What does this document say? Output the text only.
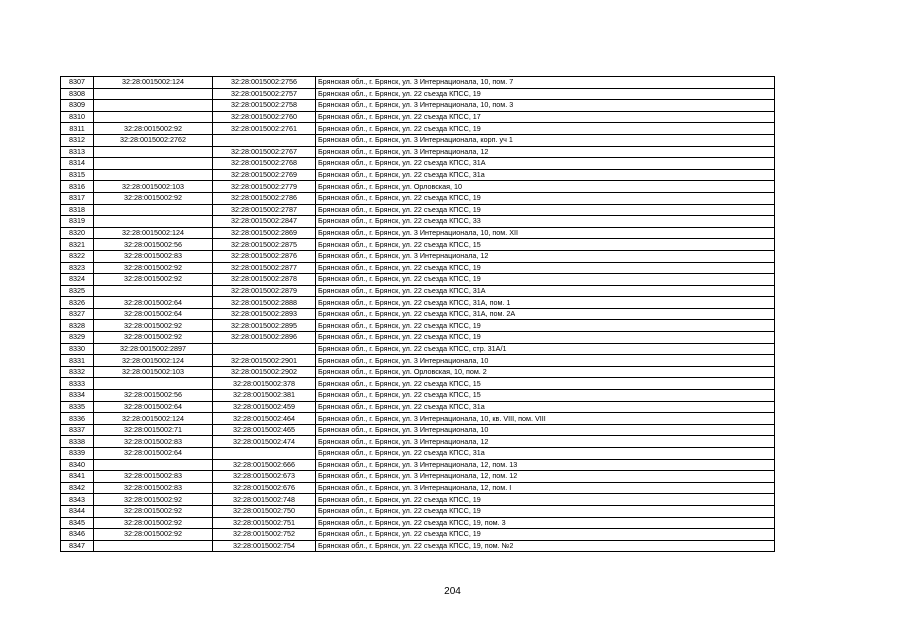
8307	32:28:0015002:124	32:28:0015002:2756	Брянская обл., г. Брянск, ул. 3 Интернационала, 10, пом. 7
8308		32:28:0015002:2757	Брянская обл., г. Брянск, ул. 22 съезда КПСС, 19
8309		32:28:0015002:2758	Брянская обл., г. Брянск, ул. 3 Интернационала, 10, пом. 3
8310		32:28:0015002:2760	Брянская обл., г. Брянск, ул. 22 съезда КПСС, 17
8311	32:28:0015002:92	32:28:0015002:2761	Брянская обл., г. Брянск, ул. 22 съезда КПСС, 19
8312	32:28:0015002:2762		Брянская обл., г. Брянск, ул. 3 Интернационала, корп. уч 1
8313		32:28:0015002:2767	Брянская обл., г. Брянск, ул. 3 Интернационала, 12
8314		32:28:0015002:2768	Брянская обл., г. Брянск, ул. 22 съезда КПСС, 31А
8315		32:28:0015002:2769	Брянская обл., г. Брянск, ул. 22 съезда КПСС, 31а
8316	32:28:0015002:103	32:28:0015002:2779	Брянская обл., г. Брянск, ул. Орловская, 10
8317	32:28:0015002:92	32:28:0015002:2786	Брянская обл., г. Брянск, ул. 22 съезда КПСС, 19
8318		32:28:0015002:2787	Брянская обл., г. Брянск, ул. 22 съезда КПСС, 19
8319		32:28:0015002:2847	Брянская обл., г. Брянск, ул. 22 съезда КПСС, 33
8320	32:28:0015002:124	32:28:0015002:2869	Брянская обл., г. Брянск, ул. 3 Интернационала, 10, пом. XII
8321	32:28:0015002:56	32:28:0015002:2875	Брянская обл., г. Брянск, ул. 22 съезда КПСС, 15
8322	32:28:0015002:83	32:28:0015002:2876	Брянская обл., г. Брянск, ул. 3 Интернационала, 12
8323	32:28:0015002:92	32:28:0015002:2877	Брянская обл., г. Брянск, ул. 22 съезда КПСС, 19
8324	32:28:0015002:92	32:28:0015002:2878	Брянская обл., г. Брянск, ул. 22 съезда КПСС, 19
8325		32:28:0015002:2879	Брянская обл., г. Брянск, ул. 22 съезда КПСС, 31А
8326	32:28:0015002:64	32:28:0015002:2888	Брянская обл., г. Брянск, ул. 22 съезда КПСС, 31А, пом. 1
8327	32:28:0015002:64	32:28:0015002:2893	Брянская обл., г. Брянск, ул. 22 съезда КПСС, 31А, пом. 2А
8328	32:28:0015002:92	32:28:0015002:2895	Брянская обл., г. Брянск, ул. 22 съезда КПСС, 19
8329	32:28:0015002:92	32:28:0015002:2896	Брянская обл., г. Брянск, ул. 22 съезда КПСС, 19
8330	32:28:0015002:2897		Брянская обл., г. Брянск, ул. 22 съезда КПСС, стр. 31А/1
8331	32:28:0015002:124	32:28:0015002:2901	Брянская обл., г. Брянск, ул. 3 Интернационала, 10
8332	32:28:0015002:103	32:28:0015002:2902	Брянская обл., г. Брянск, ул. Орловская, 10, пом. 2
8333		32:28:0015002:378	Брянская обл., г. Брянск, ул. 22 съезда КПСС, 15
8334	32:28:0015002:56	32:28:0015002:381	Брянская обл., г. Брянск, ул. 22 съезда КПСС, 15
8335	32:28:0015002:64	32:28:0015002:459	Брянская обл., г. Брянск, ул. 22 съезда КПСС, 31а
8336	32:28:0015002:124	32:28:0015002:464	Брянская обл., г. Брянск, ул. 3 Интернационала, 10, кв. VIII, пом. VIII
8337	32:28:0015002:71	32:28:0015002:465	Брянская обл., г. Брянск, ул. 3 Интернационала, 10
8338	32:28:0015002:83	32:28:0015002:474	Брянская обл., г. Брянск, ул. 3 Интернационала, 12
8339	32:28:0015002:64		Брянская обл., г. Брянск, ул. 22 съезда КПСС, 31а
8340		32:28:0015002:666	Брянская обл., г. Брянск, ул. 3 Интернационала, 12, пом. 13
8341	32:28:0015002:83	32:28:0015002:673	Брянская обл., г. Брянск, ул. 3 Интернационала, 12, пом. 12
8342	32:28:0015002:83	32:28:0015002:676	Брянская обл., г. Брянск, ул. 3 Интернационала, 12, пом. I
8343	32:28:0015002:92	32:28:0015002:748	Брянская обл., г. Брянск, ул. 22 съезда КПСС, 19
8344	32:28:0015002:92	32:28:0015002:750	Брянская обл., г. Брянск, ул. 22 съезда КПСС, 19
8345	32:28:0015002:92	32:28:0015002:751	Брянская обл., г. Брянск, ул. 22 съезда КПСС, 19, пом. 3
8346	32:28:0015002:92	32:28:0015002:752	Брянская обл., г. Брянск, ул. 22 съезда КПСС, 19
8347		32:28:0015002:754	Брянская обл., г. Брянск, ул. 22 съезда КПСС, 19, пом. №2
204
